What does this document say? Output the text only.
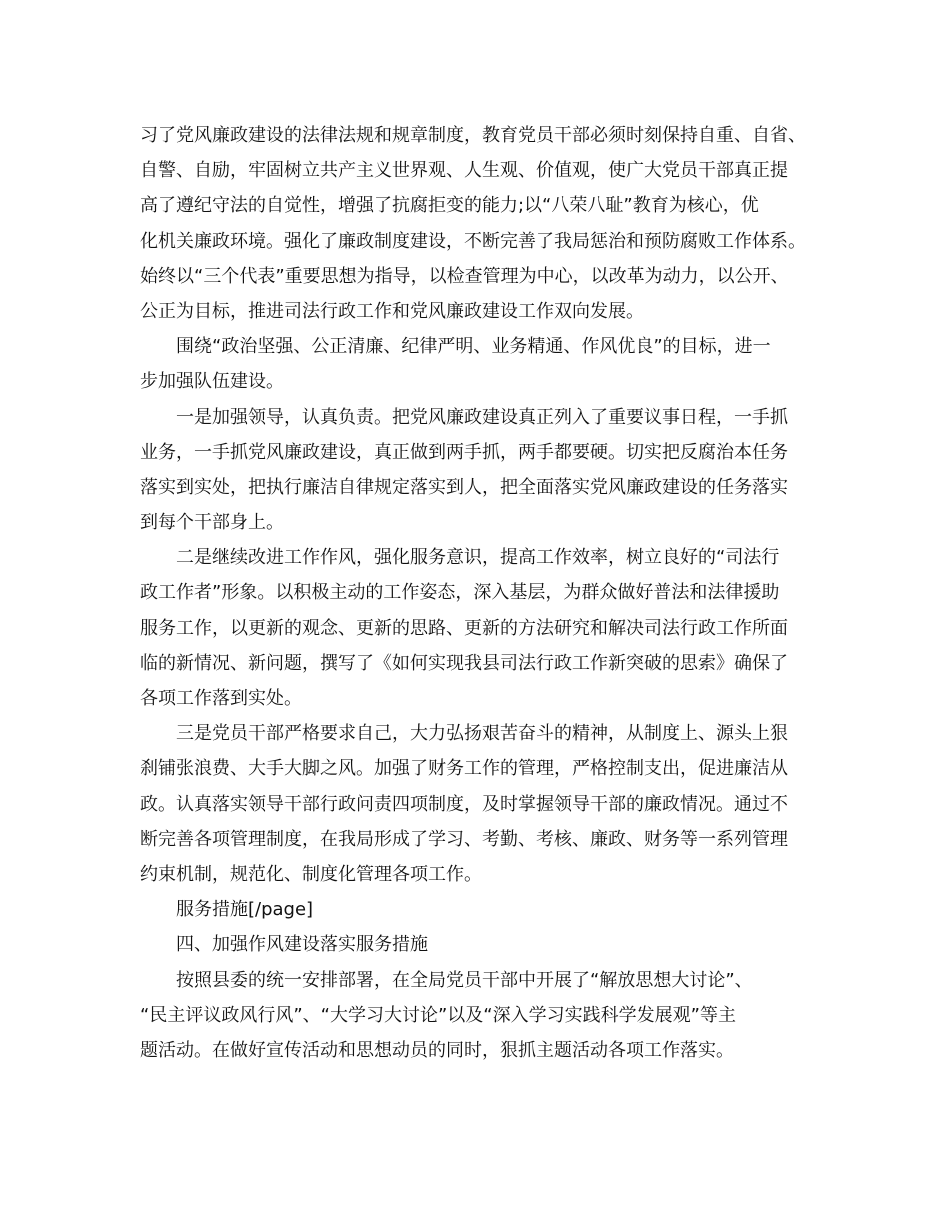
习了党风廉政建设的法律法规和规章制度，教育党员干部必须时刻保持自重、自省、
自警、自励，牢固树立共产主义世界观、人生观、价值观，使广大党员干部真正提
高了遵纪守法的自觉性，增强了抗腐拒变的能力;以“八荣八耻”教育为核心，优
化机关廉政环境。强化了廉政制度建设，不断完善了我局惩治和预防腐败工作体系。
始终以“三个代表”重要思想为指导，以检查管理为中心，以改革为动力，以公开、
公正为目标，推进司法行政工作和党风廉政建设工作双向发展。
围绕“政治坚强、公正清廉、纪律严明、业务精通、作风优良”的目标，进一
步加强队伍建设。
一是加强领导，认真负责。把党风廉政建设真正列入了重要议事日程，一手抓
业务，一手抓党风廉政建设，真正做到两手抓，两手都要硬。切实把反腐治本任务
落实到实处，把执行廉洁自律规定落实到人，把全面落实党风廉政建设的任务落实
到每个干部身上。
二是继续改进工作作风，强化服务意识，提高工作效率，树立良好的“司法行
政工作者”形象。以积极主动的工作姿态，深入基层，为群众做好普法和法律援助
服务工作，以更新的观念、更新的思路、更新的方法研究和解决司法行政工作所面
临的新情况、新问题，撰写了《如何实现我县司法行政工作新突破的思索》确保了
各项工作落到实处。
三是党员干部严格要求自己，大力弘扬艰苦奋斗的精神，从制度上、源头上狠
刹铺张浪费、大手大脚之风。加强了财务工作的管理，严格控制支出，促进廉洁从
政。认真落实领导干部行政问责四项制度，及时掌握领导干部的廉政情况。通过不
断完善各项管理制度，在我局形成了学习、考勤、考核、廉政、财务等一系列管理
约束机制，规范化、制度化管理各项工作。
服务措施[/page]
四、加强作风建设落实服务措施
按照县委的统一安排部署，在全局党员干部中开展了“解放思想大讨论”、
“民主评议政风行风”、“大学习大讨论”以及“深入学习实践科学发展观”等主
题活动。在做好宣传活动和思想动员的同时，狠抓主题活动各项工作落实。
